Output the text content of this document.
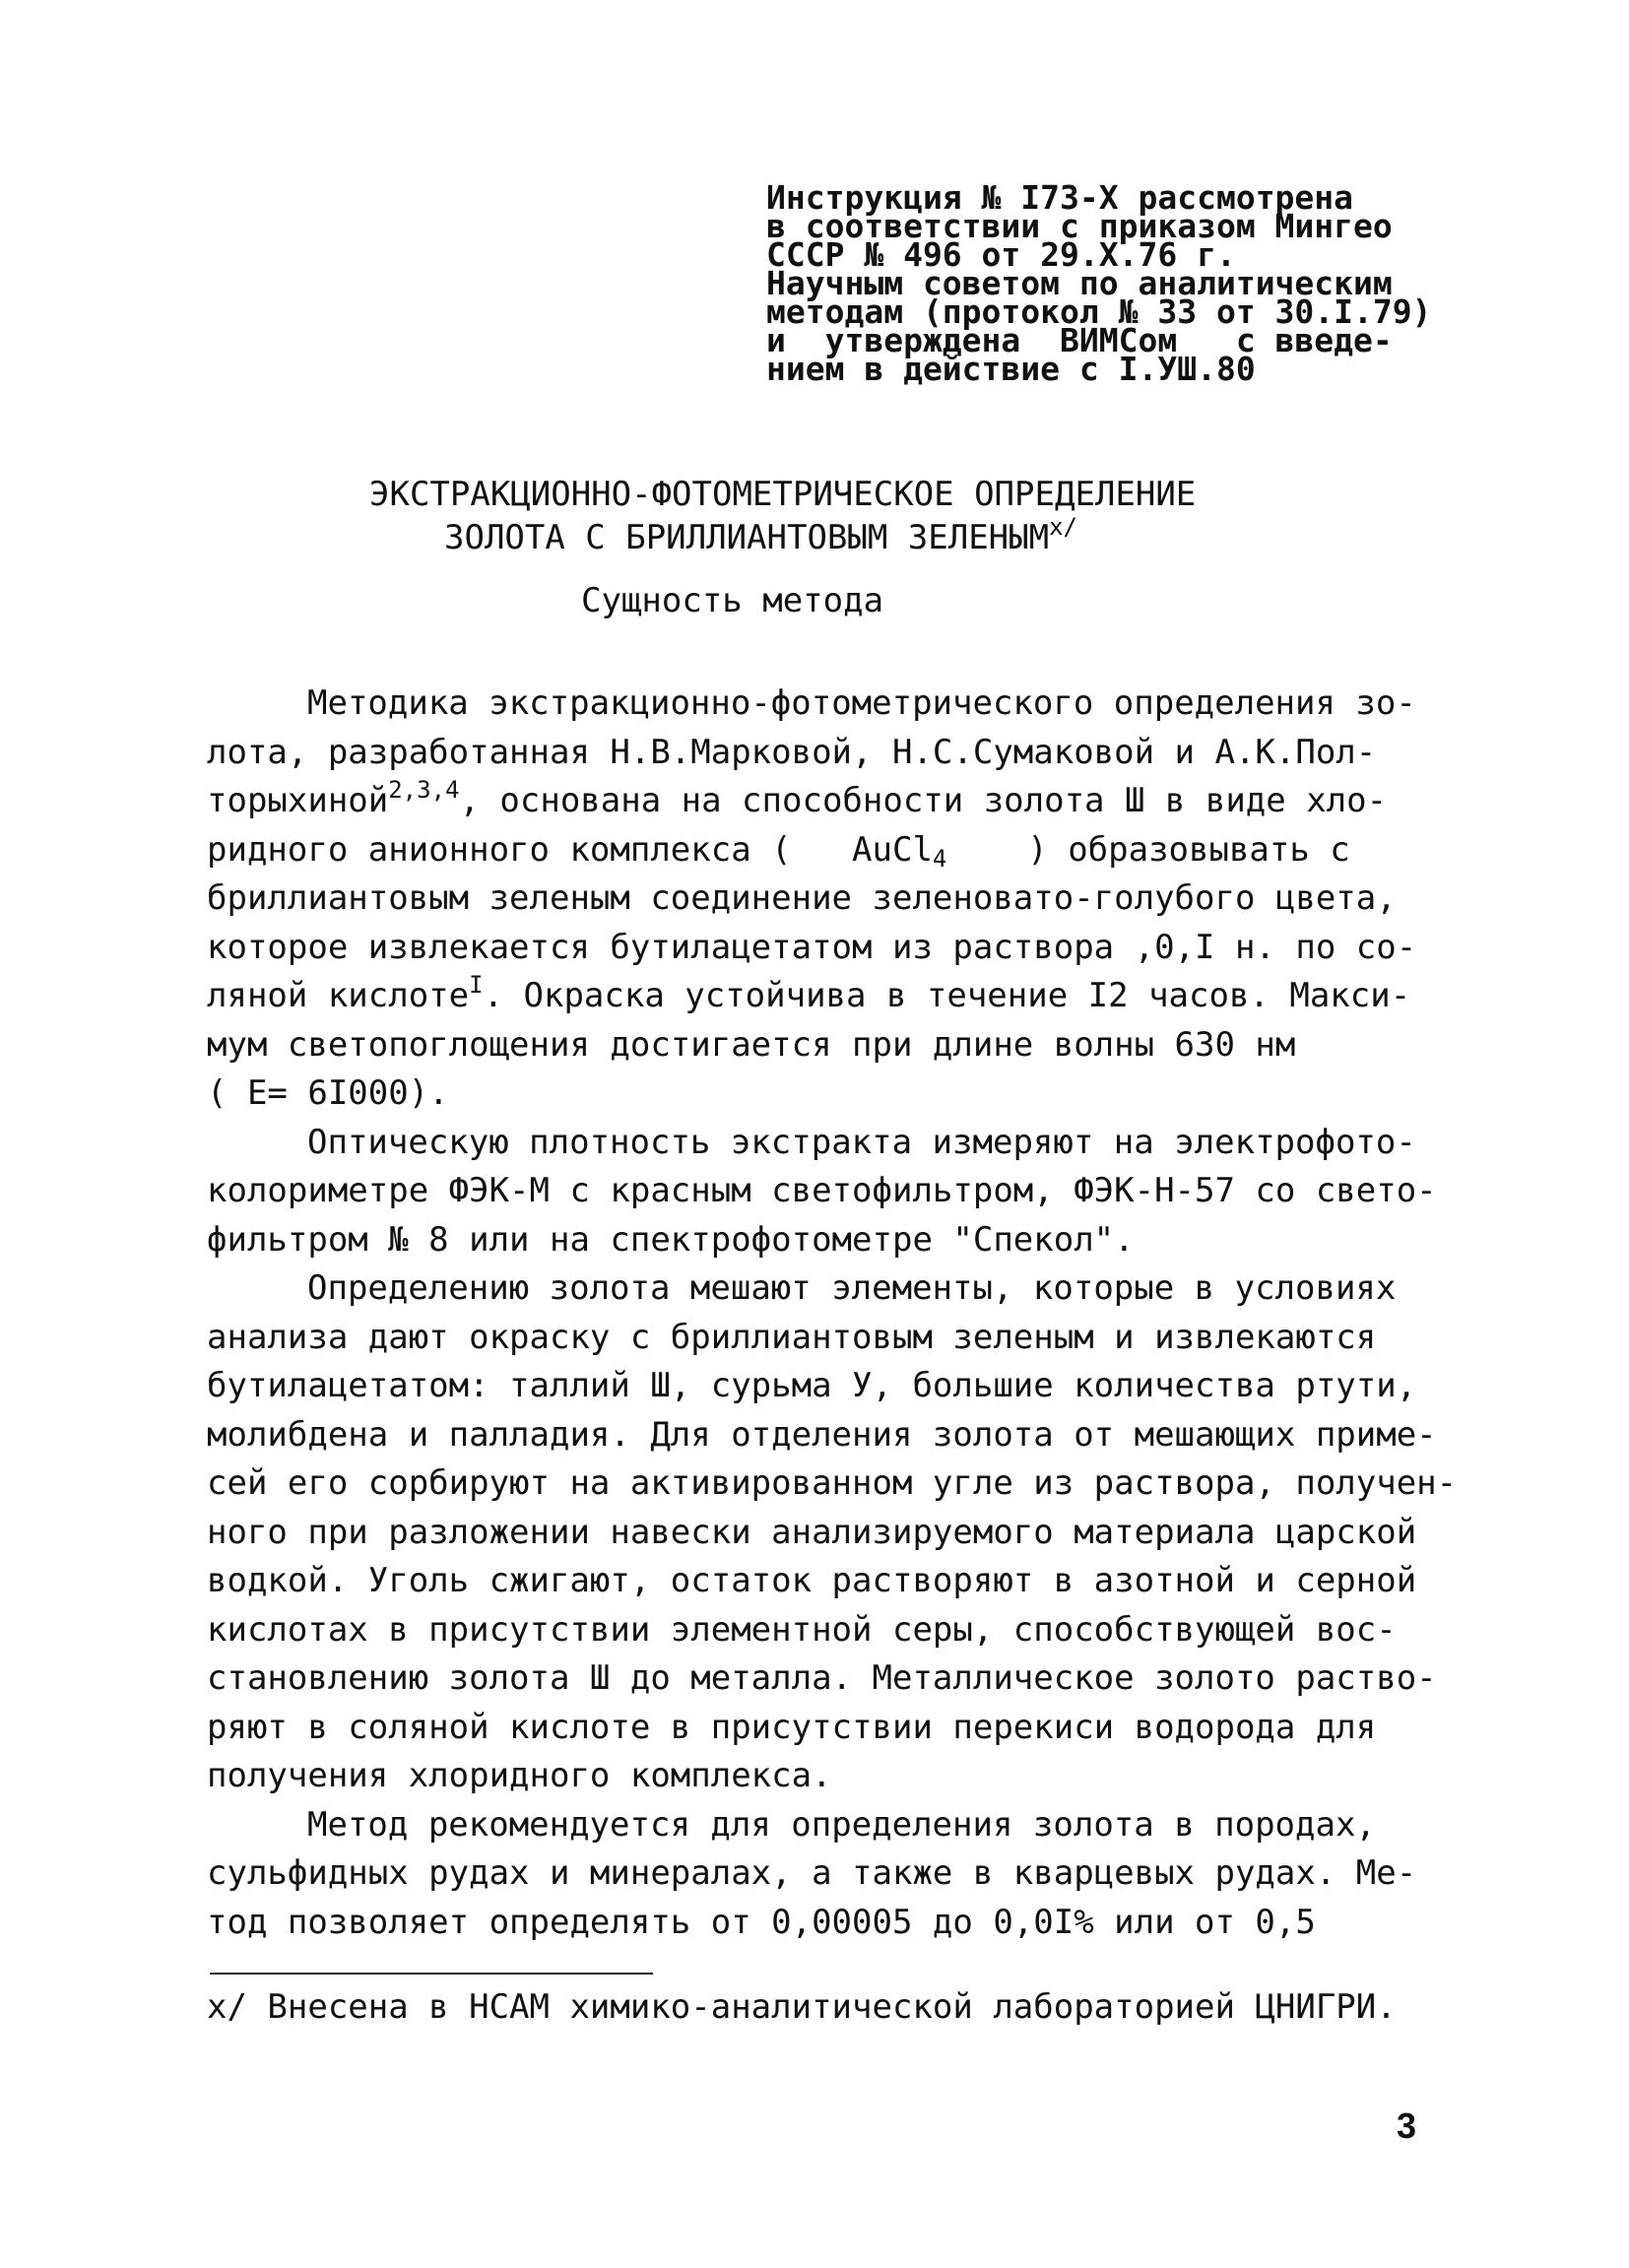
Инструкция № I73-X рассмотрена
в соответствии с приказом Мингео
СССР № 496 от 29.X.76 г.
Научным советом по аналитическим
методам (протокол № 33 от 30.I.79)
и  утверждена  ВИМСом   с введе-
нием в действие с I.УШ.80
ЭКСТРАКЦИОННО-ФОТОМЕТРИЧЕСКОЕ ОПРЕДЕЛЕНИЕ
ЗОЛОТА С БРИЛЛИАНТОВЫМ $ЗЕЛЕНЫМ^{x/}$
Сущность метода
Методика экстракционно-фотометрического определения зо-
лота, разработанная Н.В.Марковой, Н.С.Сумаковой и А.К.Пол-
торыхиной$^{2,3,4}$, основана на способности золота Ш в виде хло-
ридного анионного комплекса (   AuCl$_4$    ) образовывать с
бриллиантовым зеленым соединение зеленовато-голубого цвета,
которое извлекается бутилацетатом из раствора ,0,I н. по со-
ляной кислоте$^I$. Окраска устойчива в течение I2 часов. Макси-
мум светопоглощения достигается при длине волны 630 нм
( E= 6I000).
Оптическую плотность экстракта измеряют на электрофото-
колориметре ФЭК-М с красным светофильтром, ФЭК-Н-57 со свето-
фильтром № 8 или на спектрофотометре "Спекол".
Определению золота мешают элементы, которые в условиях
анализа дают окраску с бриллиантовым зеленым и извлекаются
бутилацетатом: таллий Ш, сурьма У, большие количества ртути,
молибдена и палладия. Для отделения золота от мешающих приме-
сей его сорбируют на активированном угле из раствора, получен-
ного при разложении навески анализируемого материала царской
водкой. Уголь сжигают, остаток растворяют в азотной и серной
кислотах в присутствии элементной серы, способствующей вос-
становлению золота Ш до металла. Металлическое золото раство-
ряют в соляной кислоте в присутствии перекиси водорода для
получения хлоридного комплекса.
Метод рекомендуется для определения золота в породах,
сульфидных рудах и минералах, а также в кварцевых рудах. Ме-
тод позволяет определять от 0,00005 до 0,0I% или от 0,5
x/ Внесена в НСАМ химико-аналитической лабораторией ЦНИГРИ.
3
